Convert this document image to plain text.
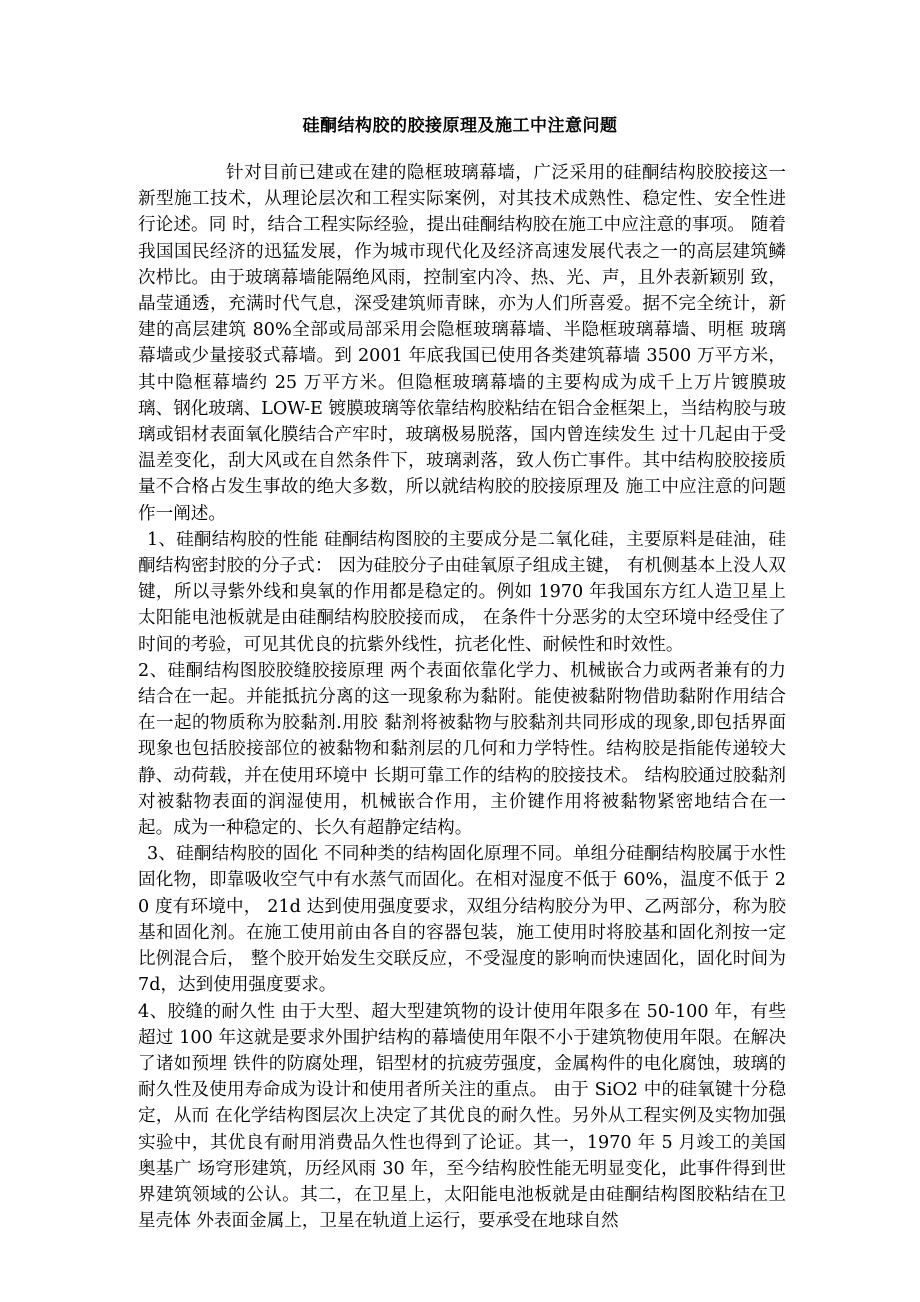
硅酮结构胶的胶接原理及施工中注意问题

针对目前已建或在建的隐框玻璃幕墙，广泛采用的硅酮结构胶胶接这一新型施工技术，从理论层次和工程实际案例，对其技术成熟性、稳定性、安全性进行论述。同 时，结合工程实际经验，提出硅酮结构胶在施工中应注意的事项。 随着我国国民经济的迅猛发展，作为城市现代化及经济高速发展代表之一的高层建筑鳞次栉比。由于玻璃幕墙能隔绝风雨，控制室内冷、热、光、声，且外表新颖别 致，晶莹通透，充满时代气息，深受建筑师青睐，亦为人们所喜爱。据不完全统计，新建的高层建筑 80%全部或局部采用会隐框玻璃幕墙、半隐框玻璃幕墙、明框 玻璃幕墙或少量接驳式幕墙。到 2001 年底我国已使用各类建筑幕墙 3500 万平方米，其中隐框幕墙约 25 万平方米。但隐框玻璃幕墙的主要构成为成千上万片镀膜玻璃、钢化玻璃、LOW-E 镀膜玻璃等依靠结构胶粘结在铝合金框架上，当结构胶与玻璃或铝材表面氧化膜结合产牢时，玻璃极易脱落，国内曾连续发生 过十几起由于受温差变化，刮大风或在自然条件下，玻璃剥落，致人伤亡事件。其中结构胶胶接质量不合格占发生事故的绝大多数，所以就结构胶的胶接原理及 施工中应注意的问题作一阐述。

1、硅酮结构胶的性能 硅酮结构图胶的主要成分是二氧化硅，主要原料是硅油，硅酮结构密封胶的分子式： 因为硅胶分子由硅氧原子组成主键， 有机侧基本上没人双键，所以寻紫外线和臭氧的作用都是稳定的。例如 1970 年我国东方红人造卫星上太阳能电池板就是由硅酮结构胶胶接而成， 在条件十分恶劣的太空环境中经受住了时间的考验，可见其优良的抗紫外线性，抗老化性、耐候性和时效性。

2、硅酮结构图胶胶缝胶接原理 两个表面依靠化学力、机械嵌合力或两者兼有的力结合在一起。并能抵抗分离的这一现象称为黏附。能使被黏附物借助黏附作用结合在一起的物质称为胶黏剂.用胶 黏剂将被黏物与胶黏剂共同形成的现象,即包括界面现象也包括胶接部位的被黏物和黏剂层的几何和力学特性。结构胶是指能传递较大静、动荷载，并在使用环境中 长期可靠工作的结构的胶接技术。 结构胶通过胶黏剂对被黏物表面的润湿使用，机械嵌合作用，主价键作用将被黏物紧密地结合在一起。成为一种稳定的、长久有超静定结构。

3、硅酮结构胶的固化 不同种类的结构固化原理不同。单组分硅酮结构胶属于水性固化物，即靠吸收空气中有水蒸气而固化。在相对湿度不低于 60%，温度不低于 20 度有环境中， 21d 达到使用强度要求，双组分结构胶分为甲、乙两部分，称为胶基和固化剂。在施工使用前由各自的容器包装，施工使用时将胶基和固化剂按一定比例混合后， 整个胶开始发生交联反应，不受湿度的影响而快速固化，固化时间为 7d，达到使用强度要求。

4、胶缝的耐久性 由于大型、超大型建筑物的设计使用年限多在 50-100 年，有些超过 100 年这就是要求外围护结构的幕墙使用年限不小于建筑物使用年限。在解决了诸如预埋 铁件的防腐处理，铝型材的抗疲劳强度，金属构件的电化腐蚀，玻璃的耐久性及使用寿命成为设计和使用者所关注的重点。 由于 SiO2 中的硅氧键十分稳定，从而 在化学结构图层次上决定了其优良的耐久性。另外从工程实例及实物加强实验中，其优良有耐用消费品久性也得到了论证。其一，1970 年 5 月竣工的美国奥基广 场穹形建筑，历经风雨 30 年，至今结构胶性能无明显变化，此事件得到世界建筑领域的公认。其二，在卫星上，太阳能电池板就是由硅酮结构图胶粘结在卫星壳体 外表面金属上，卫星在轨道上运行，要承受在地球自然
